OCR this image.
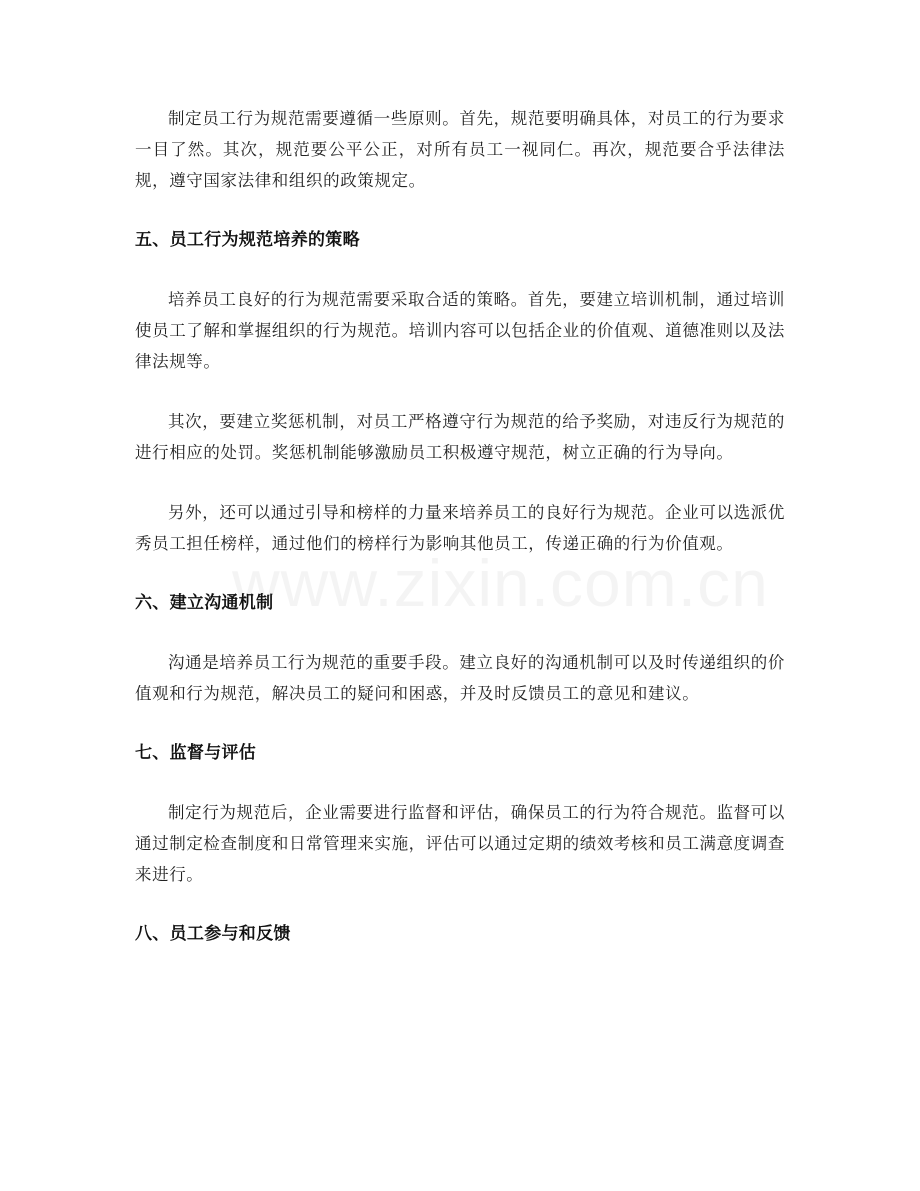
制定员工行为规范需要遵循一些原则。首先，规范要明确具体，对员工的行为要求一目了然。其次，规范要公平公正，对所有员工一视同仁。再次，规范要合乎法律法规，遵守国家法律和组织的政策规定。

五、员工行为规范培养的策略

培养员工良好的行为规范需要采取合适的策略。首先，要建立培训机制，通过培训使员工了解和掌握组织的行为规范。培训内容可以包括企业的价值观、道德准则以及法律法规等。

其次，要建立奖惩机制，对员工严格遵守行为规范的给予奖励，对违反行为规范的进行相应的处罚。奖惩机制能够激励员工积极遵守规范，树立正确的行为导向。

另外，还可以通过引导和榜样的力量来培养员工的良好行为规范。企业可以选派优秀员工担任榜样，通过他们的榜样行为影响其他员工，传递正确的行为价值观。

六、建立沟通机制

沟通是培养员工行为规范的重要手段。建立良好的沟通机制可以及时传递组织的价值观和行为规范，解决员工的疑问和困惑，并及时反馈员工的意见和建议。

七、监督与评估

制定行为规范后，企业需要进行监督和评估，确保员工的行为符合规范。监督可以通过制定检查制度和日常管理来实施，评估可以通过定期的绩效考核和员工满意度调查来进行。

八、员工参与和反馈
